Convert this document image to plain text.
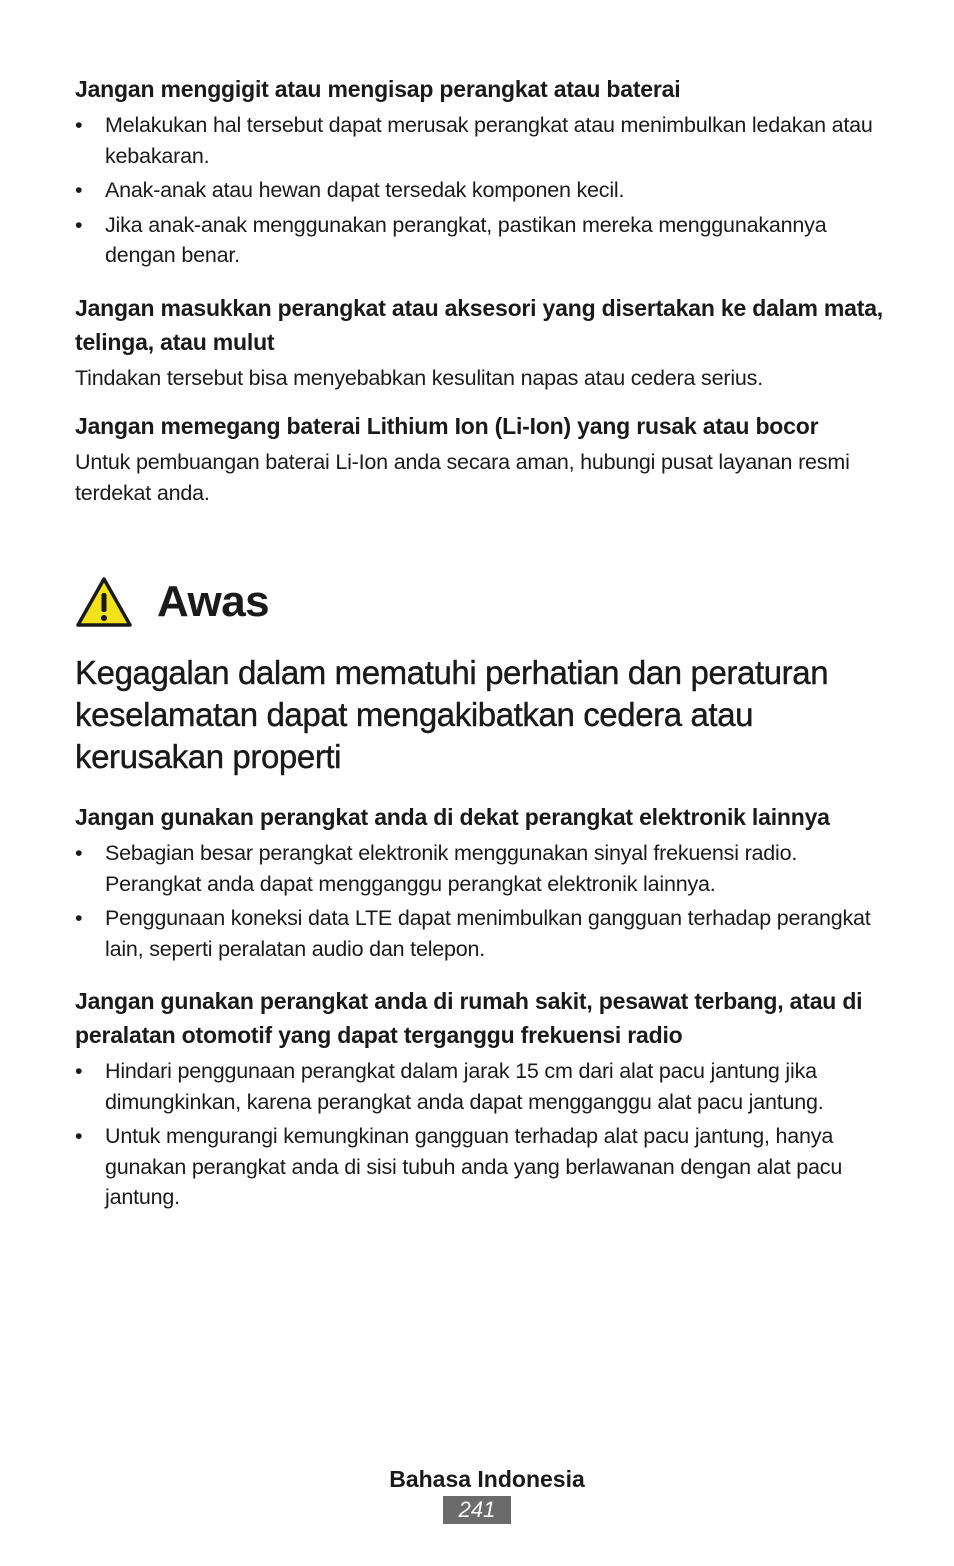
Jangan menggigit atau mengisap perangkat atau baterai

•	Melakukan hal tersebut dapat merusak perangkat atau menimbulkan ledakan atau kebakaran.
•	Anak-anak atau hewan dapat tersedak komponen kecil.
•	Jika anak-anak menggunakan perangkat, pastikan mereka menggunakannya dengan benar.

Jangan masukkan perangkat atau aksesori yang disertakan ke dalam mata, telinga, atau mulut

Tindakan tersebut bisa menyebabkan kesulitan napas atau cedera serius.

Jangan memegang baterai Lithium Ion (Li-Ion) yang rusak atau bocor

Untuk pembuangan baterai Li-Ion anda secara aman, hubungi pusat layanan resmi terdekat anda.

Awas
Kegagalan dalam mematuhi perhatian dan peraturan keselamatan dapat mengakibatkan cedera atau kerusakan properti

Jangan gunakan perangkat anda di dekat perangkat elektronik lainnya

•	Sebagian besar perangkat elektronik menggunakan sinyal frekuensi radio. Perangkat anda dapat mengganggu perangkat elektronik lainnya.
•	Penggunaan koneksi data LTE dapat menimbulkan gangguan terhadap perangkat lain, seperti peralatan audio dan telepon.

Jangan gunakan perangkat anda di rumah sakit, pesawat terbang, atau di peralatan otomotif yang dapat terganggu frekuensi radio

•	Hindari penggunaan perangkat dalam jarak 15 cm dari alat pacu jantung jika dimungkinkan, karena perangkat anda dapat mengganggu alat pacu jantung.
•	Untuk mengurangi kemungkinan gangguan terhadap alat pacu jantung, hanya gunakan perangkat anda di sisi tubuh anda yang berlawanan dengan alat pacu jantung.
Bahasa Indonesia
241
